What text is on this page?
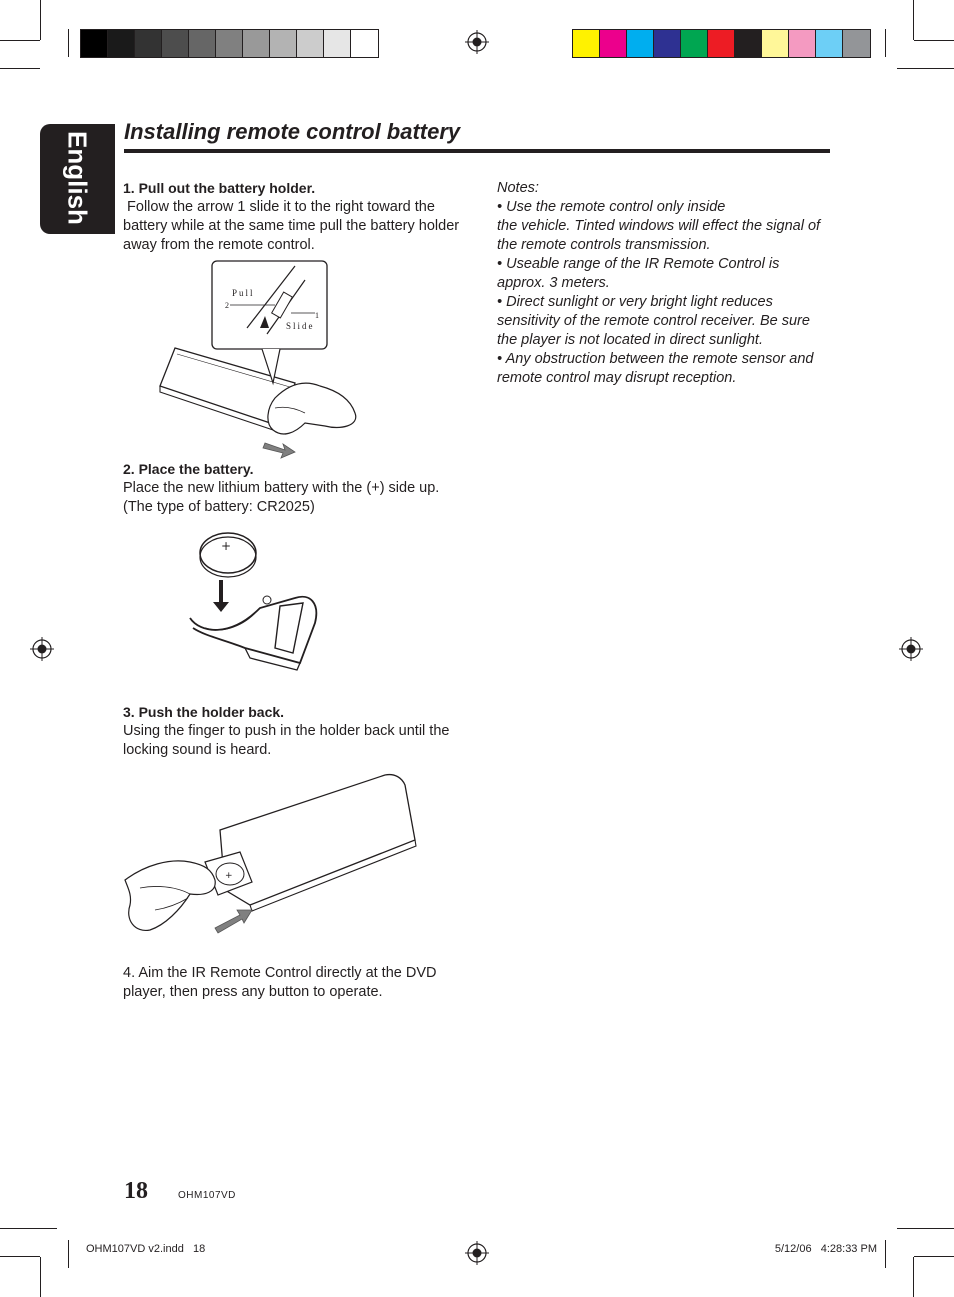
English Installing remote control battery
1. Pull out the battery holder.
Follow the arrow 1 slide it to the right toward the battery while at the same time pull the battery holder away from the remote control.
Pull
2
1
Slide
2. Place the battery.
Place the new lithium battery with the (+) side up. (The type of battery: CR2025)
+
3. Push the holder back.
Using the finger to push in the holder back until the locking sound is heard.
+
4. Aim the IR Remote Control directly at the DVD player, then press any button to operate.
Notes:
• Use the remote control only inside
the vehicle. Tinted windows will effect the signal of the remote controls transmission.
• Useable range of the IR Remote Control is approx. 3 meters.
• Direct sunlight or very bright light reduces sensitivity of the remote control receiver. Be sure the player is not located in direct sunlight.
• Any obstruction between the remote sensor and remote control may disrupt reception.
18	OHM107VD
OHM107VD v2.indd   18	5/12/06   4:28:33 PM
